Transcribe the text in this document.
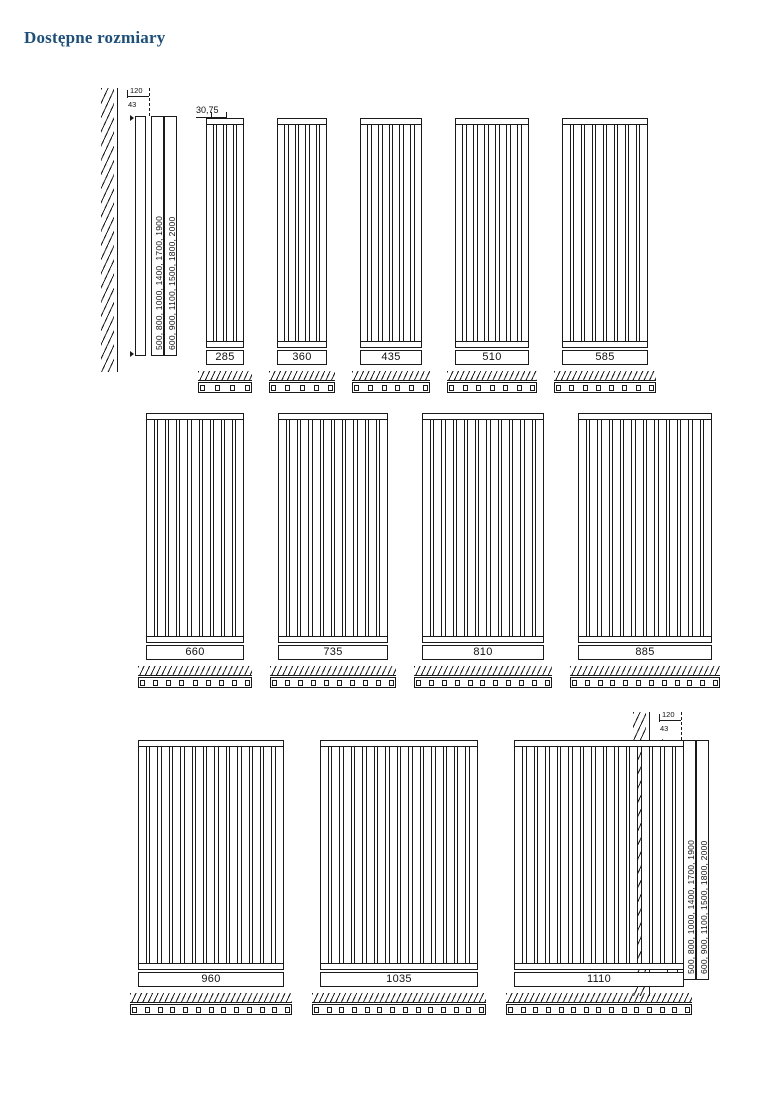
Dostępne rozmiary
120
43
500, 800, 1000, 1400, 1700, 1900 600, 900, 1100, 1500, 1800, 2000
30,75
120
43
500, 800, 1000, 1400, 1700, 1900 600, 900, 1100, 1500, 1800, 2000
285	360	435	510	585
660	735	810	885
960	1035	1110
